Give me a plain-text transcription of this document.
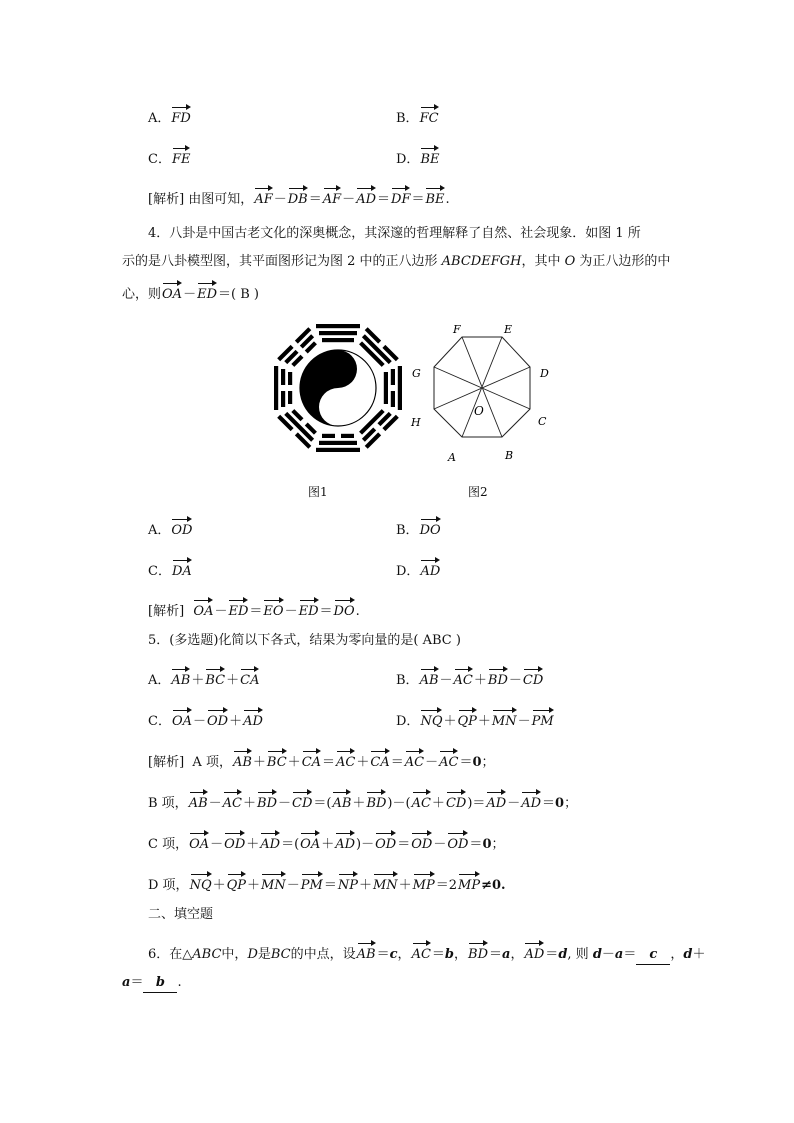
A．FD	B．FC
C．FE	D．BE
[解析] 由图可知，AF－DB＝AF－AD＝DF＝BE.
4．八卦是中国古老文化的深奥概念，其深邃的哲理解释了自然、社会现象．如图 1 所
示的是八卦模型图，其平面图形记为图 2 中的正八边形 ABCDEFGH，其中 O 为正八边形的中
心，则OA－ED＝( B )
图1
F	E
D
C
B
A
H
G
O
图2
A．OD	B．DO
C．DA	D．AD
[解析] OA－ED＝EO－ED＝DO.
5．(多选题)化简以下各式，结果为零向量的是( ABC )
A．AB＋BC＋CA	B．AB－AC＋BD－CD
C．OA－OD＋AD	D．NQ＋QP＋MN－PM
[解析] A 项，AB＋BC＋CA＝AC＋CA＝AC－AC＝0；
B 项，AB－AC＋BD－CD＝(AB＋BD)－(AC＋CD)＝AD－AD＝0；
C 项，OA－OD＋AD＝(OA＋AD)－OD＝OD－OD＝0；
D 项，NQ＋QP＋MN－PM＝NP＋MN＋MP＝2MP≠0.
二、填空题
6．在△ABC中，D是BC的中点，设AB＝c，AC＝b，BD＝a，AD＝d, 则 d－a＝ c ，d＋
a＝ b .
